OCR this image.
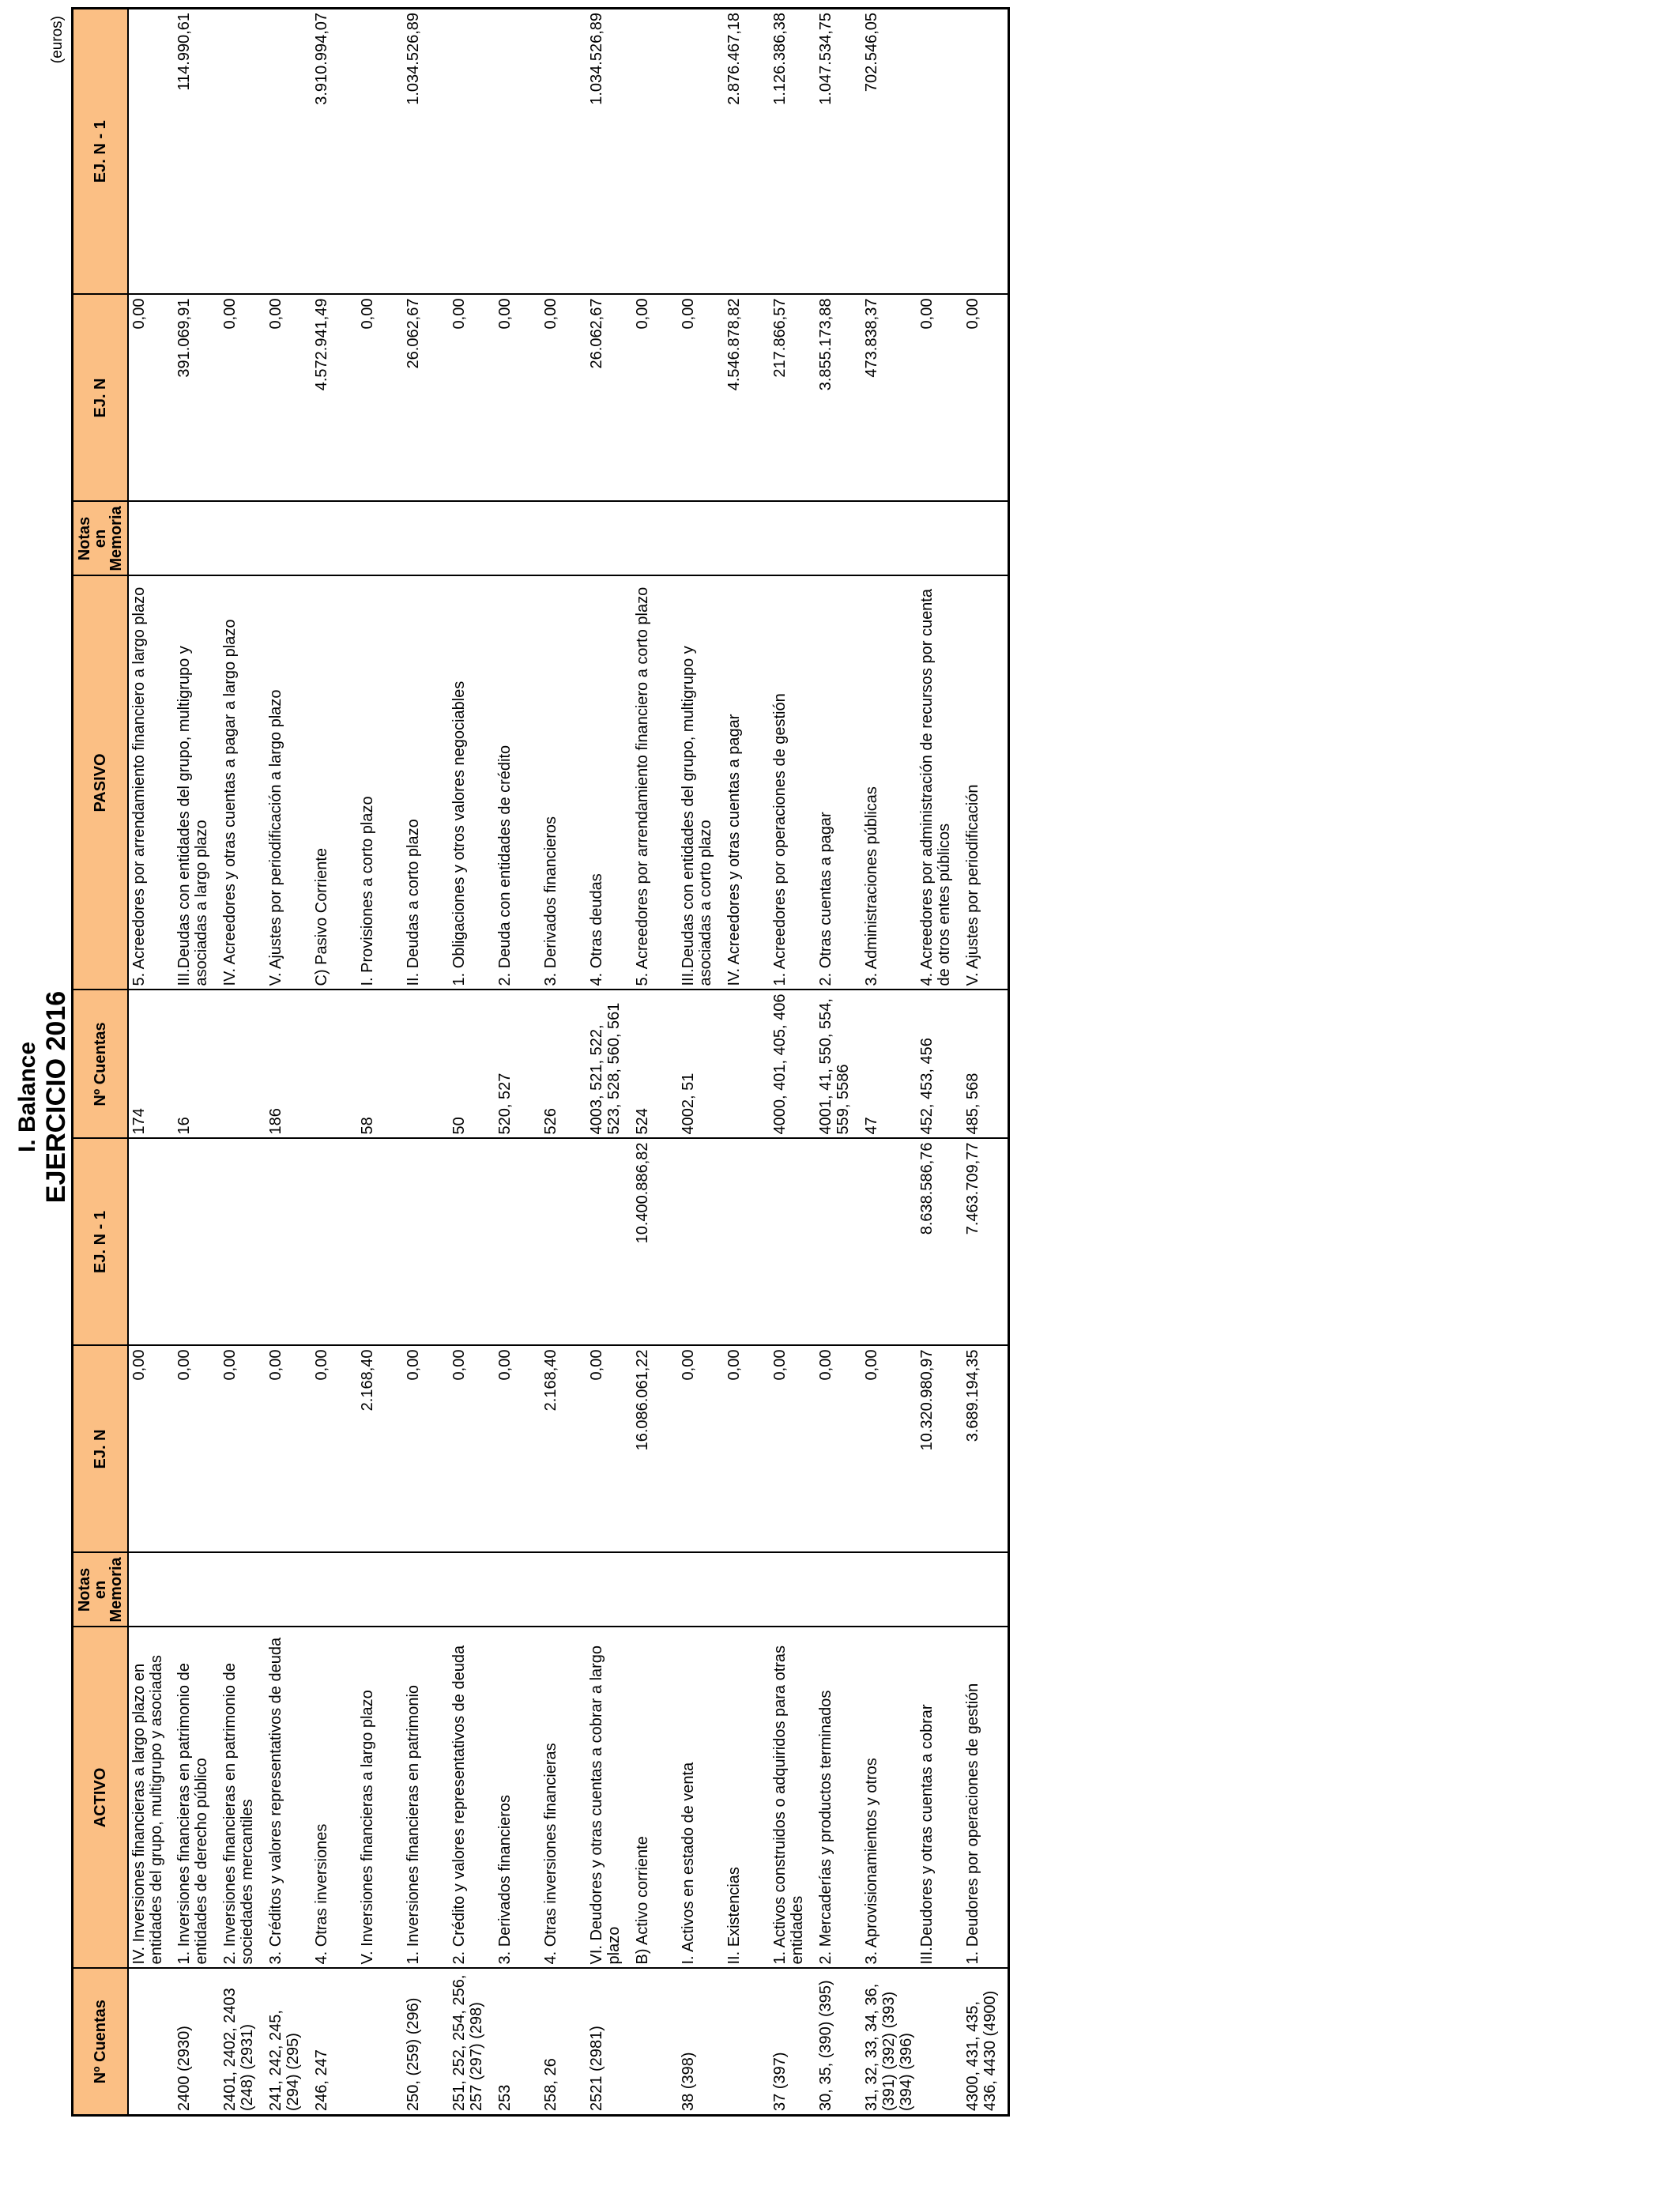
I. Balance EJERCICIO 2016
(euros)
Nº Cuentas	ACTIVO	Notas en Memoria	EJ. N	EJ. N - 1	Nº Cuentas	PASIVO	Notas en Memoria	EJ. N	EJ. N - 1
	IV. Inversiones financieras a largo plazo en entidades del grupo, multigrupo y asociadas		0,00		174	5. Acreedores por arrendamiento financiero a largo plazo		0,00	
2400 (2930)	1. Inversiones financieras en patrimonio de entidades de derecho público		0,00		16	III.Deudas con entidades del grupo, multigrupo y asociadas a largo plazo		391.069,91	114.990,61
2401, 2402, 2403 (248) (2931)	2. Inversiones financieras en patrimonio de sociedades mercantiles		0,00			IV. Acreedores y otras cuentas a pagar a largo plazo		0,00	
241, 242, 245, (294) (295)	3. Créditos y valores representativos de deuda		0,00		186	V. Ajustes por periodificación a largo plazo		0,00	
246, 247	4. Otras inversiones		0,00			C) Pasivo Corriente		4.572.941,49	3.910.994,07
	V. Inversiones financieras a largo plazo		2.168,40		58	I. Provisiones a corto plazo		0,00	
250, (259) (296)	1. Inversiones financieras en patrimonio		0,00			II. Deudas a corto plazo		26.062,67	1.034.526,89
251, 252, 254, 256, 257 (297) (298)	2. Crédito y valores representativos de deuda		0,00		50	1. Obligaciones y otros valores negociables		0,00	
253	3. Derivados financieros		0,00		520, 527	2. Deuda con entidades de crédito		0,00	
258, 26	4. Otras inversiones financieras		2.168,40		526	3. Derivados financieros		0,00	
2521 (2981)	VI. Deudores y otras cuentas a cobrar a largo plazo		0,00		4003, 521, 522, 523, 528, 560, 561	4. Otras deudas		26.062,67	1.034.526,89
	B) Activo corriente		16.086.061,22	10.400.886,82	524	5. Acreedores por arrendamiento financiero a corto plazo		0,00	
38 (398)	I. Activos en estado de venta		0,00		4002, 51	III.Deudas con entidades del grupo, multigrupo y asociadas a corto plazo		0,00	
	II. Existencias		0,00			IV. Acreedores y otras cuentas a pagar		4.546.878,82	2.876.467,18
37 (397)	1. Activos construidos o adquiridos para otras entidades		0,00		4000, 401, 405, 406	1. Acreedores por operaciones de gestión		217.866,57	1.126.386,38
30, 35, (390) (395)	2. Mercaderías y productos terminados		0,00		4001, 41, 550, 554, 559, 5586	2. Otras cuentas a pagar		3.855.173,88	1.047.534,75
31, 32, 33, 34, 36, (391) (392) (393) (394) (396)	3. Aprovisionamientos y otros		0,00		47	3. Administraciones públicas		473.838,37	702.546,05
	III.Deudores y otras cuentas a cobrar		10.320.980,97	8.638.586,76	452, 453, 456	4. Acreedores por administración de recursos por cuenta de otros entes públicos		0,00	
4300, 431, 435, 436, 4430 (4900)	1. Deudores por operaciones de gestión		3.689.194,35	7.463.709,77	485, 568	V. Ajustes por periodificación		0,00	
